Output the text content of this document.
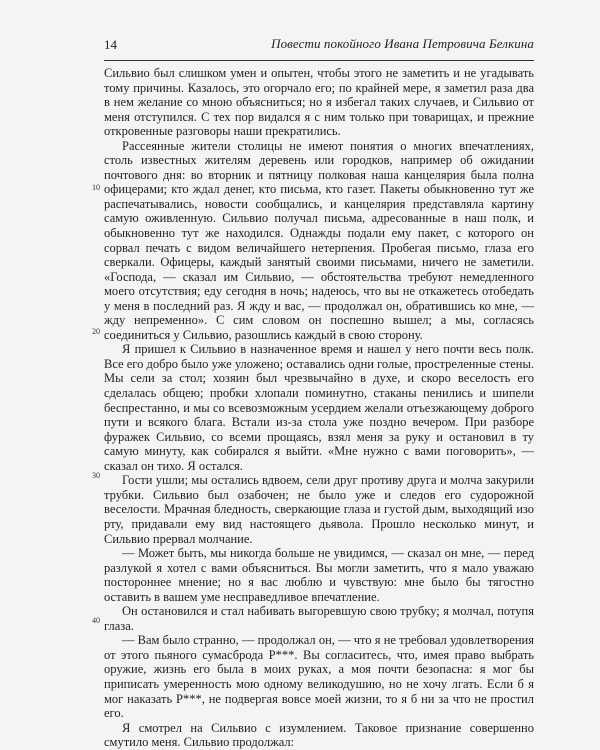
14	Повести покойного Ивана Петровича Белкина
10
20
30
40

Сильвио был слишком умен и опытен, чтобы этого не заметить и не угадывать тому причины. Казалось, это огорчало его; по крайней мере, я заметил раза два в нем желание со мною объясниться; но я избегал таких случаев, и Сильвио от меня отступился. С тех пор видался я с ним только при товарищах, и прежние откровенные разговоры наши прекратились.

Рассеянные жители столицы не имеют понятия о многих впечатлениях, столь известных жителям деревень или городков, например об ожидании почтового дня: во вторник и пятницу полковая наша канцелярия была полна офицерами; кто ждал денег, кто письма, кто газет. Пакеты обыкновенно тут же распечатывались, новости сообщались, и канцелярия представляла картину самую оживленную. Сильвио получал письма, адресованные в наш полк, и обыкновенно тут же находился. Однажды подали ему пакет, с которого он сорвал печать с видом величайшего нетерпения. Пробегая письмо, глаза его сверкали. Офицеры, каждый занятый своими письмами, ничего не заметили. «Господа, — сказал им Сильвио, — обстоятельства требуют немедленного моего отсутствия; еду сегодня в ночь; надеюсь, что вы не откажетесь отобедать у меня в последний раз. Я жду и вас, — продолжал он, обратившись ко мне, — жду непременно». С сим словом он поспешно вышел; а мы, согласясь соединиться у Сильвио, разошлись каждый в свою сторону.

Я пришел к Сильвио в назначенное время и нашел у него почти весь полк. Все его добро было уже уложено; оставались одни голые, простреленные стены. Мы сели за стол; хозяин был чрезвычайно в духе, и скоро веселость его сделалась общею; пробки хлопали поминутно, стаканы пенились и шипели беспрестанно, и мы со всевозможным усердием желали отъезжающему доброго пути и всякого блага. Встали из-за стола уже поздно вечером. При разборе фуражек Сильвио, со всеми прощаясь, взял меня за руку и остановил в ту самую минуту, как собирался я выйти. «Мне нужно с вами поговорить», — сказал он тихо. Я остался.

Гости ушли; мы остались вдвоем, сели друг противу друга и молча закурили трубки. Сильвио был озабочен; не было уже и следов его судорожной веселости. Мрачная бледность, сверкающие глаза и густой дым, выходящий изо рту, придавали ему вид настоящего дьявола. Прошло несколько минут, и Сильвио прервал молчание.

— Может быть, мы никогда больше не увидимся, — сказал он мне, — перед разлукой я хотел с вами объясниться. Вы могли заметить, что я мало уважаю постороннее мнение; но я вас люблю и чувствую: мне было бы тягостно оставить в вашем уме несправедливое впечатление.

Он остановился и стал набивать выгоревшую свою трубку; я молчал, потупя глаза.

— Вам было странно, — продолжал он, — что я не требовал удовлетворения от этого пьяного сумасброда Р***. Вы согласитесь, что, имея право выбрать оружие, жизнь его была в моих руках, а моя почти безопасна: я мог бы приписать умеренность мою одному великодушию, но не хочу лгать. Если б я мог наказать Р***, не подвергая вовсе моей жизни, то я б ни за что не простил его.

Я смотрел на Сильвио с изумлением. Таковое признание совершенно смутило меня. Сильвио продолжал:
